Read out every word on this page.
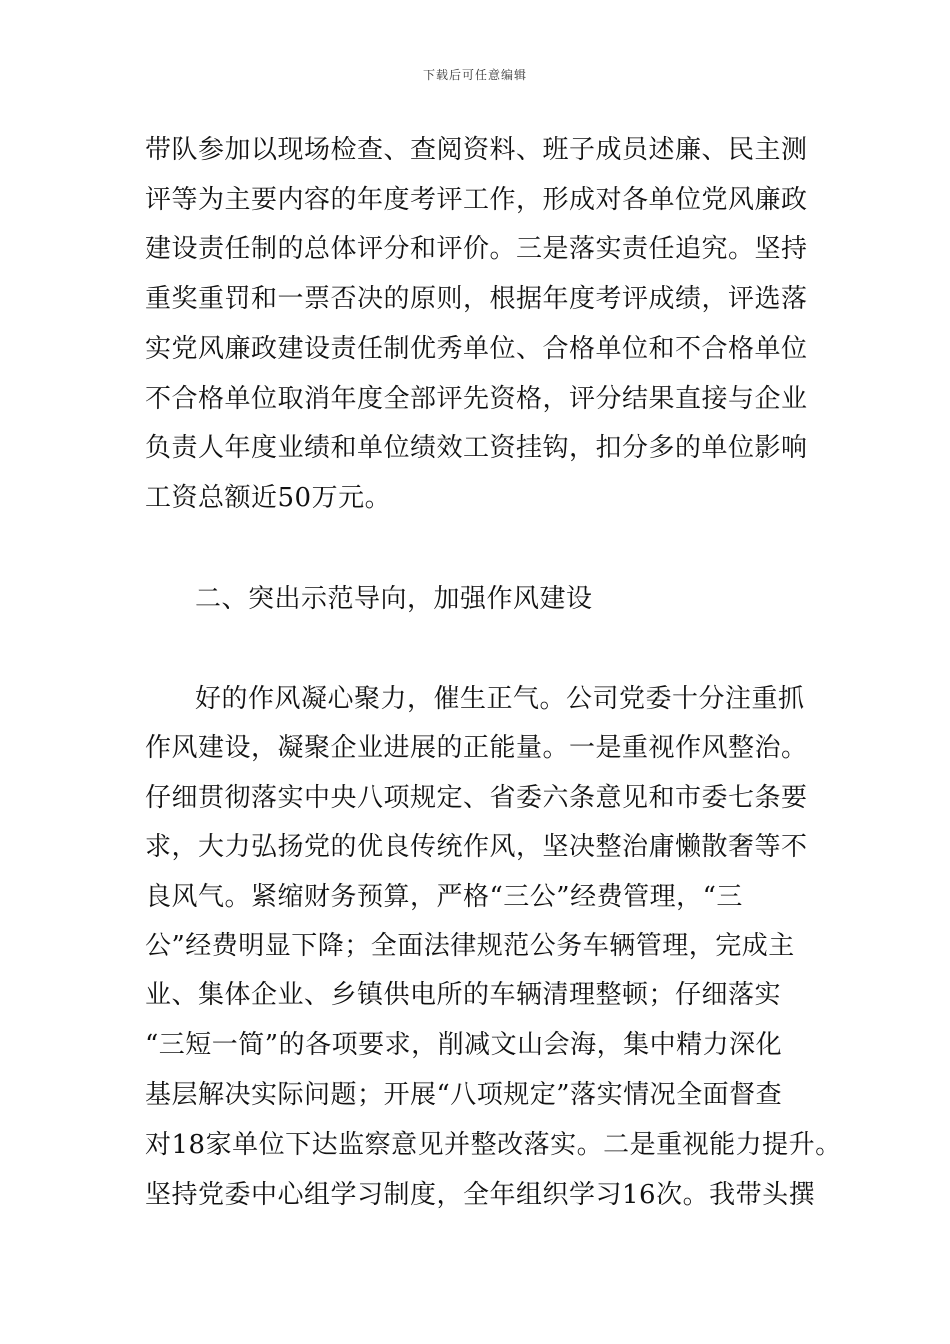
下载后可任意编辑
带队参加以现场检查、查阅资料、班子成员述廉、民主测
评等为主要内容的年度考评工作，形成对各单位党风廉政
建设责任制的总体评分和评价。三是落实责任追究。坚持
重奖重罚和一票否决的原则，根据年度考评成绩，评选落
实党风廉政建设责任制优秀单位、合格单位和不合格单位
不合格单位取消年度全部评先资格，评分结果直接与企业
负责人年度业绩和单位绩效工资挂钩，扣分多的单位影响
工资总额近50万元。
二、突出示范导向，加强作风建设
好的作风凝心聚力，催生正气。公司党委十分注重抓
作风建设，凝聚企业进展的正能量。一是重视作风整治。
仔细贯彻落实中央八项规定、省委六条意见和市委七条要
求，大力弘扬党的优良传统作风，坚决整治庸懒散奢等不
良风气。紧缩财务预算，严格“三公”经费管理，“三
公”经费明显下降；全面法律规范公务车辆管理，完成主
业、集体企业、乡镇供电所的车辆清理整顿；仔细落实
“三短一简”的各项要求，削减文山会海，集中精力深化
基层解决实际问题；开展“八项规定”落实情况全面督查
对18家单位下达监察意见并整改落实。二是重视能力提升。
坚持党委中心组学习制度，全年组织学习16次。我带头撰
